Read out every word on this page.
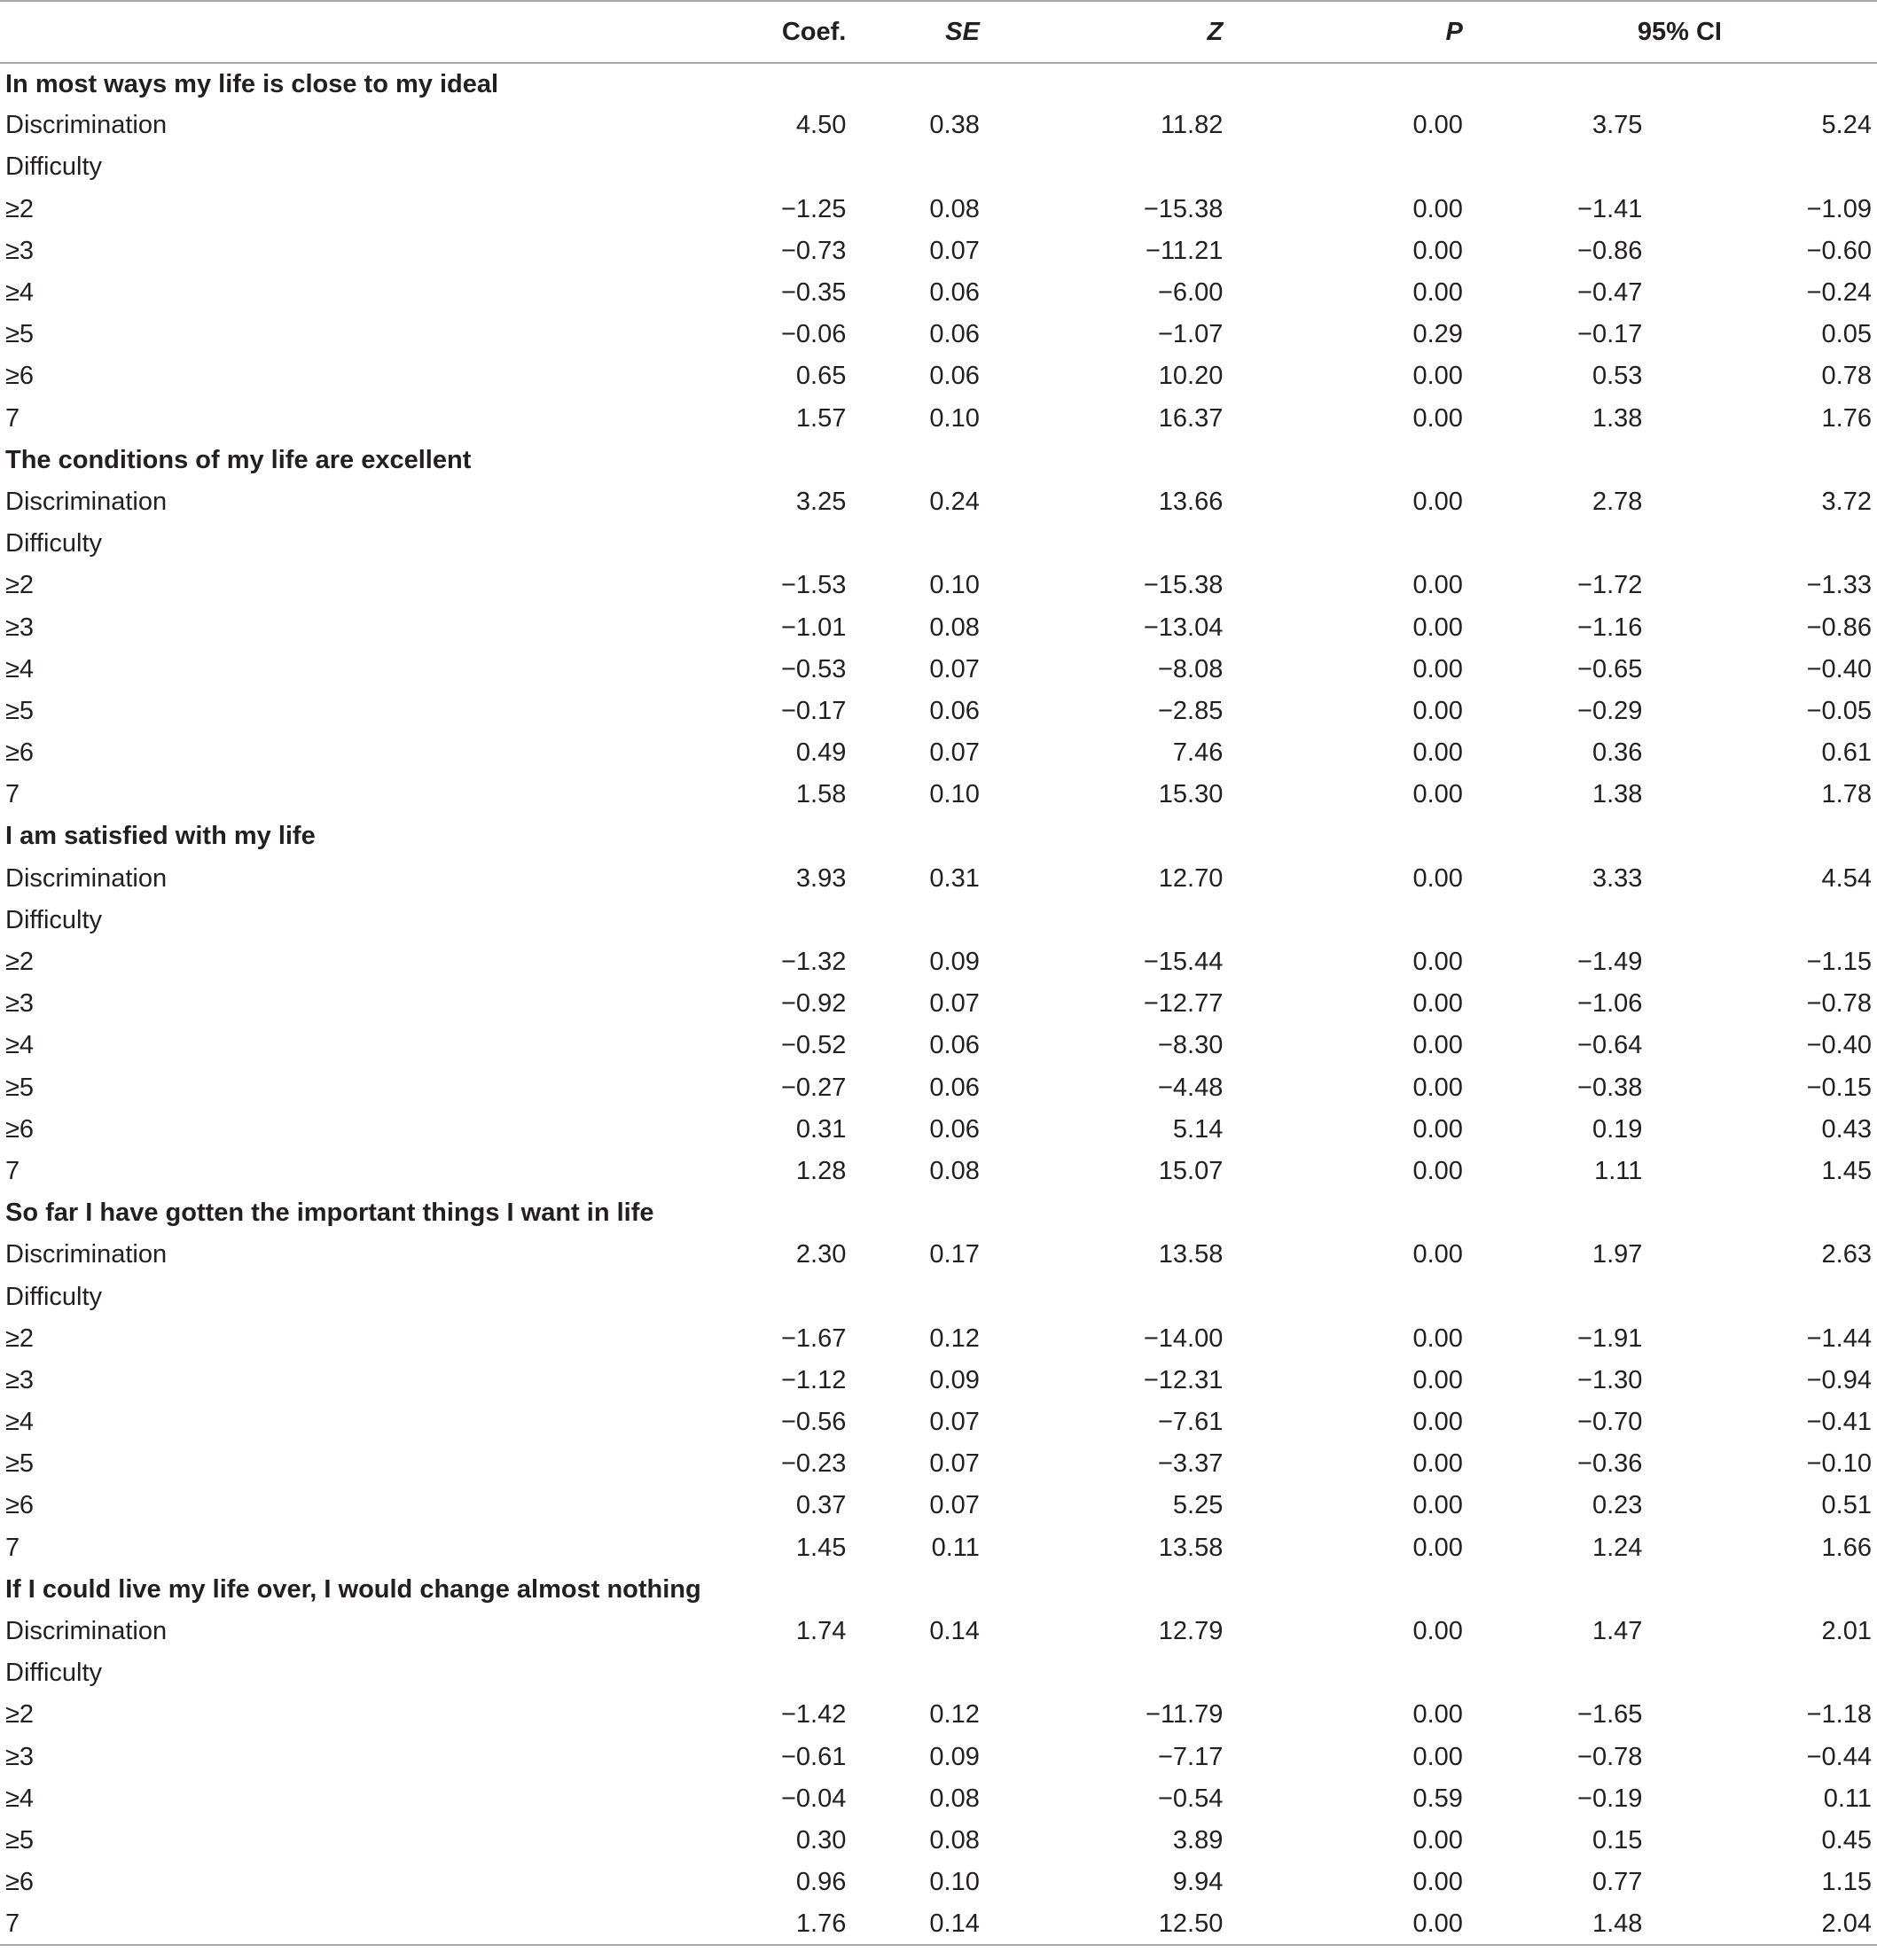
	Coef.	SE	Z	P	95% CI	
In most ways my life is close to my ideal						
Discrimination	4.50	0.38	11.82	0.00	3.75	5.24
Difficulty						
≥2	−1.25	0.08	−15.38	0.00	−1.41	−1.09
≥3	−0.73	0.07	−11.21	0.00	−0.86	−0.60
≥4	−0.35	0.06	−6.00	0.00	−0.47	−0.24
≥5	−0.06	0.06	−1.07	0.29	−0.17	0.05
≥6	0.65	0.06	10.20	0.00	0.53	0.78
7	1.57	0.10	16.37	0.00	1.38	1.76
The conditions of my life are excellent						
Discrimination	3.25	0.24	13.66	0.00	2.78	3.72
Difficulty						
≥2	−1.53	0.10	−15.38	0.00	−1.72	−1.33
≥3	−1.01	0.08	−13.04	0.00	−1.16	−0.86
≥4	−0.53	0.07	−8.08	0.00	−0.65	−0.40
≥5	−0.17	0.06	−2.85	0.00	−0.29	−0.05
≥6	0.49	0.07	7.46	0.00	0.36	0.61
7	1.58	0.10	15.30	0.00	1.38	1.78
I am satisfied with my life						
Discrimination	3.93	0.31	12.70	0.00	3.33	4.54
Difficulty						
≥2	−1.32	0.09	−15.44	0.00	−1.49	−1.15
≥3	−0.92	0.07	−12.77	0.00	−1.06	−0.78
≥4	−0.52	0.06	−8.30	0.00	−0.64	−0.40
≥5	−0.27	0.06	−4.48	0.00	−0.38	−0.15
≥6	0.31	0.06	5.14	0.00	0.19	0.43
7	1.28	0.08	15.07	0.00	1.11	1.45
So far I have gotten the important things I want in life						
Discrimination	2.30	0.17	13.58	0.00	1.97	2.63
Difficulty						
≥2	−1.67	0.12	−14.00	0.00	−1.91	−1.44
≥3	−1.12	0.09	−12.31	0.00	−1.30	−0.94
≥4	−0.56	0.07	−7.61	0.00	−0.70	−0.41
≥5	−0.23	0.07	−3.37	0.00	−0.36	−0.10
≥6	0.37	0.07	5.25	0.00	0.23	0.51
7	1.45	0.11	13.58	0.00	1.24	1.66
If I could live my life over, I would change almost nothing						
Discrimination	1.74	0.14	12.79	0.00	1.47	2.01
Difficulty						
≥2	−1.42	0.12	−11.79	0.00	−1.65	−1.18
≥3	−0.61	0.09	−7.17	0.00	−0.78	−0.44
≥4	−0.04	0.08	−0.54	0.59	−0.19	0.11
≥5	0.30	0.08	3.89	0.00	0.15	0.45
≥6	0.96	0.10	9.94	0.00	0.77	1.15
7	1.76	0.14	12.50	0.00	1.48	2.04
